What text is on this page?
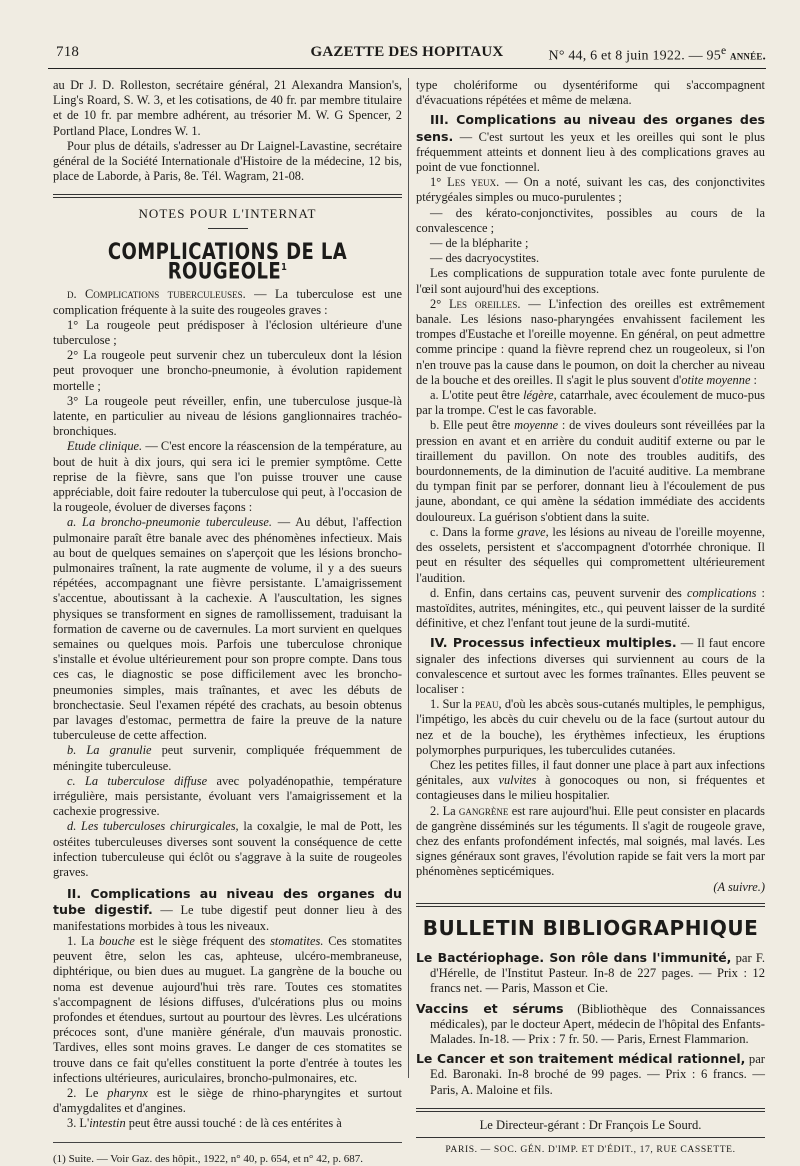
718	GAZETTE DES HOPITAUX	N° 44, 6 et 8 juin 1922. — 95e année.

au Dr J. D. Rolleston, secrétaire général, 21 Alexandra Mansion's, Ling's Roard, S. W. 3, et les cotisations, de 40 fr. par membre titulaire et de 10 fr. par membre adhérent, au trésorier M. W. G Spencer, 2 Portland Place, Londres W. 1.

Pour plus de détails, s'adresser au Dr Laignel-Lavastine, secrétaire général de la Société Internationale d'Histoire de la médecine, 12 bis, place de Laborde, à Paris, 8e. Tél. Wagram, 21-08.

NOTES POUR L'INTERNAT
COMPLICATIONS DE LA ROUGEOLE$^1$

d. Complications tuberculeuses. — La tuberculose est une complication fréquente à la suite des rougeoles graves :

1° La rougeole peut prédisposer à l'éclosion ultérieure d'une tuberculose ;

2° La rougeole peut survenir chez un tuberculeux dont la lésion peut provoquer une broncho-pneumonie, à évolution rapidement mortelle ;

3° La rougeole peut réveiller, enfin, une tuberculose jusque-là latente, en particulier au niveau de lésions ganglionnaires trachéo-bronchiques.

Etude clinique. — C'est encore la réascension de la température, au bout de huit à dix jours, qui sera ici le premier symptôme. Cette reprise de la fièvre, sans que l'on puisse trouver une cause appréciable, doit faire redouter la tuberculose qui peut, à l'occasion de la rougeole, évoluer de diverses façons :

a. La broncho-pneumonie tuberculeuse. — Au début, l'affection pulmonaire paraît être banale avec des phénomènes infectieux. Mais au bout de quelques semaines on s'aperçoit que les lésions broncho-pulmonaires traînent, la rate augmente de volume, il y a des sueurs répétées, accompagnant une fièvre persistante. L'amaigrissement s'accentue, aboutissant à la cachexie. A l'auscultation, les signes physiques se transforment en signes de ramollissement, traduisant la formation de caverne ou de cavernules. La mort survient en quelques semaines ou quelques mois. Parfois une tuberculose chronique s'installe et évolue ultérieurement pour son propre compte. Dans tous ces cas, le diagnostic se pose difficilement avec les broncho-pneumonies simples, mais traînantes, et avec les débuts de bronchectasie. Seul l'examen répété des crachats, au besoin obtenus par lavages d'estomac, permettra de faire la preuve de la nature tuberculeuse de cette affection.

b. La granulie peut survenir, compliquée fréquemment de méningite tuberculeuse.

c. La tuberculose diffuse avec polyadénopathie, température irrégulière, mais persistante, évoluant vers l'amaigrissement et la cachexie progressive.

d. Les tuberculoses chirurgicales, la coxalgie, le mal de Pott, les ostéites tuberculeuses diverses sont souvent la conséquence de cette infection tuberculeuse qui éclôt ou s'aggrave à la suite de rougeoles graves.

II. Complications au niveau des organes du tube digestif. — Le tube digestif peut donner lieu à des manifestations morbides à tous les niveaux.

1. La bouche est le siège fréquent des stomatites. Ces stomatites peuvent être, selon les cas, aphteuse, ulcéro-membraneuse, diphtérique, ou bien dues au muguet. La gangrène de la bouche ou noma est devenue aujourd'hui très rare. Toutes ces stomatites s'accompagnent de lésions diffuses, d'ulcérations plus ou moins profondes et étendues, surtout au pourtour des lèvres. Les ulcérations précoces sont, d'une manière générale, d'un mauvais pronostic. Tardives, elles sont moins graves. Le danger de ces stomatites se trouve dans ce fait qu'elles constituent la porte d'entrée à toutes les infections ultérieures, auriculaires, broncho-pulmonaires, etc.

2. Le pharynx est le siège de rhino-pharyngites et surtout d'amygdalites et d'angines.

3. L'intestin peut être aussi touché : de là ces entérites à

(1) Suite. — Voir Gaz. des hôpit., 1922, n° 40, p. 654, et n° 42, p. 687.

type cholériforme ou dysentériforme qui s'accompagnent d'évacuations répétées et même de melæna.

III. Complications au niveau des organes des sens. — C'est surtout les yeux et les oreilles qui sont le plus fréquemment atteints et donnent lieu à des complications graves au point de vue fonctionnel.

1° Les yeux. — On a noté, suivant les cas, des conjonctivites ptérygéales simples ou muco-purulentes ;

— des kérato-conjonctivites, possibles au cours de la convalescence ;

— de la blépharite ;

— des dacryocystites.

Les complications de suppuration totale avec fonte purulente de l'œil sont aujourd'hui des exceptions.

2° Les oreilles. — L'infection des oreilles est extrêmement banale. Les lésions naso-pharyngées envahissent facilement les trompes d'Eustache et l'oreille moyenne. En général, on peut admettre comme principe : quand la fièvre reprend chez un rougeoleux, si l'on n'en trouve pas la cause dans le poumon, on doit la chercher au niveau de la bouche et des oreilles. Il s'agit le plus souvent d'otite moyenne :

a. L'otite peut être légère, catarrhale, avec écoulement de muco-pus par la trompe. C'est le cas favorable.

b. Elle peut être moyenne : de vives douleurs sont réveillées par la pression en avant et en arrière du conduit auditif externe ou par le tiraillement du pavillon. On note des troubles auditifs, des bourdonnements, de la diminution de l'acuité auditive. La membrane du tympan finit par se perforer, donnant lieu à l'écoulement de pus jaune, abondant, ce qui amène la sédation immédiate des accidents douloureux. La guérison s'obtient dans la suite.

c. Dans la forme grave, les lésions au niveau de l'oreille moyenne, des osselets, persistent et s'accompagnent d'otorrhée chronique. Il peut en résulter des séquelles qui compromettent ultérieurement l'audition.

d. Enfin, dans certains cas, peuvent survenir des complications : mastoïdites, autrites, méningites, etc., qui peuvent laisser de la surdité définitive, et chez l'enfant tout jeune de la surdi-mutité.

IV. Processus infectieux multiples. — Il faut encore signaler des infections diverses qui surviennent au cours de la convalescence et surtout avec les formes traînantes. Elles peuvent se localiser :

1. Sur la peau, d'où les abcès sous-cutanés multiples, le pemphigus, l'impétigo, les abcès du cuir chevelu ou de la face (surtout autour du nez et de la bouche), les érythèmes infectieux, les éruptions polymorphes purpuriques, les tuberculides cutanées.

Chez les petites filles, il faut donner une place à part aux infections génitales, aux vulvites à gonocoques ou non, si fréquentes et contagieuses dans le milieu hospitalier.

2. La gangrène est rare aujourd'hui. Elle peut consister en placards de gangrène disséminés sur les téguments. Il s'agit de rougeole grave, chez des enfants profondément infectés, mal soignés, mal lavés. Les signes généraux sont graves, l'évolution rapide se fait vers la mort par phénomènes septicémiques.

(A suivre.)
BULLETIN BIBLIOGRAPHIQUE
Le Bactériophage. Son rôle dans l'immunité, par F. d'Hérelle, de l'Institut Pasteur. In-8 de 227 pages. — Prix : 12 francs net. — Paris, Masson et Cie.
Vaccins et sérums (Bibliothèque des Connaissances médicales), par le docteur Apert, médecin de l'hôpital des Enfants-Malades. In-18. — Prix : 7 fr. 50. — Paris, Ernest Flammarion.
Le Cancer et son traitement médical rationnel, par Ed. Baronaki. In-8 broché de 99 pages. — Prix : 6 francs. — Paris, A. Maloine et fils.
Le Directeur-gérant : Dr François Le Sourd.
PARIS. — SOC. GÉN. D'IMP. ET D'ÉDIT., 17, RUE CASSETTE.
